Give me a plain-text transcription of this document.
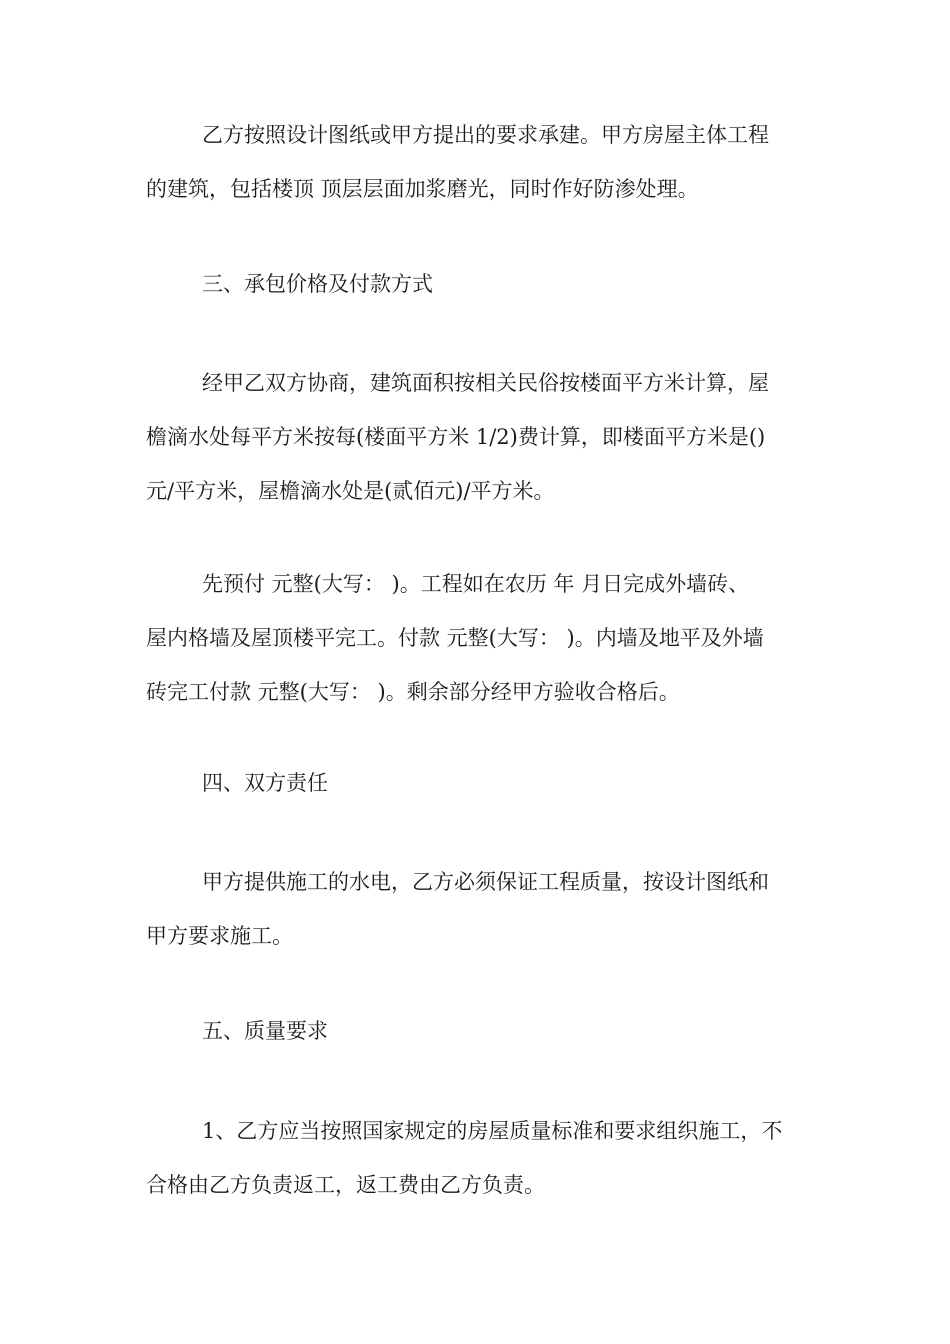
乙方按照设计图纸或甲方提出的要求承建。甲方房屋主体工程
的建筑，包括楼顶 顶层层面加浆磨光，同时作好防渗处理。
三、承包价格及付款方式
经甲乙双方协商，建筑面积按相关民俗按楼面平方米计算，屋
檐滴水处每平方米按每(楼面平方米 1/2)费计算，即楼面平方米是()
元/平方米，屋檐滴水处是(贰佰元)/平方米。
先预付 元整(大写： )。工程如在农历 年 月日完成外墙砖、
屋内格墙及屋顶楼平完工。付款 元整(大写： )。内墙及地平及外墙
砖完工付款 元整(大写： )。剩余部分经甲方验收合格后。
四、双方责任
甲方提供施工的水电，乙方必须保证工程质量，按设计图纸和
甲方要求施工。
五、质量要求
1、乙方应当按照国家规定的房屋质量标准和要求组织施工，不
合格由乙方负责返工，返工费由乙方负责。
